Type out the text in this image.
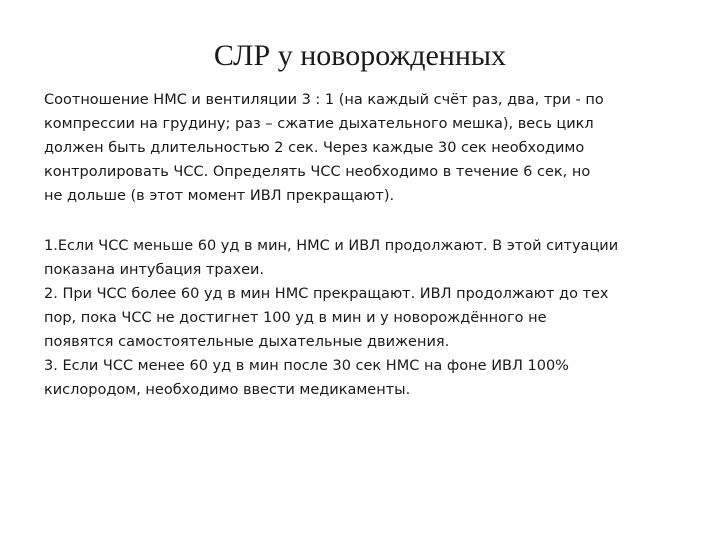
СЛР у новорожденных

Соотношение НМС и вентиляции 3 : 1 (на каждый счёт раз, два, три - по
компрессии на грудину; раз – сжатие дыхательного мешка), весь цикл
должен быть длительностью 2 сек. Через каждые 30 сек необходимо
контролировать ЧСС. Определять ЧСС необходимо в течение 6 сек, но
не дольше (в этот момент ИВЛ прекращают).

1.Если ЧСС меньше 60 уд в мин, НМС и ИВЛ продолжают. В этой ситуации
показана интубация трахеи.

2. При ЧСС более 60 уд в мин НМС прекращают. ИВЛ продолжают до тех
пор, пока ЧСС не достигнет 100 уд в мин и у новорождённого не
появятся самостоятельные дыхательные движения.

3. Если ЧСС менее 60 уд в мин после 30 сек НМС на фоне ИВЛ 100%
кислородом, необходимо ввести медикаменты.
